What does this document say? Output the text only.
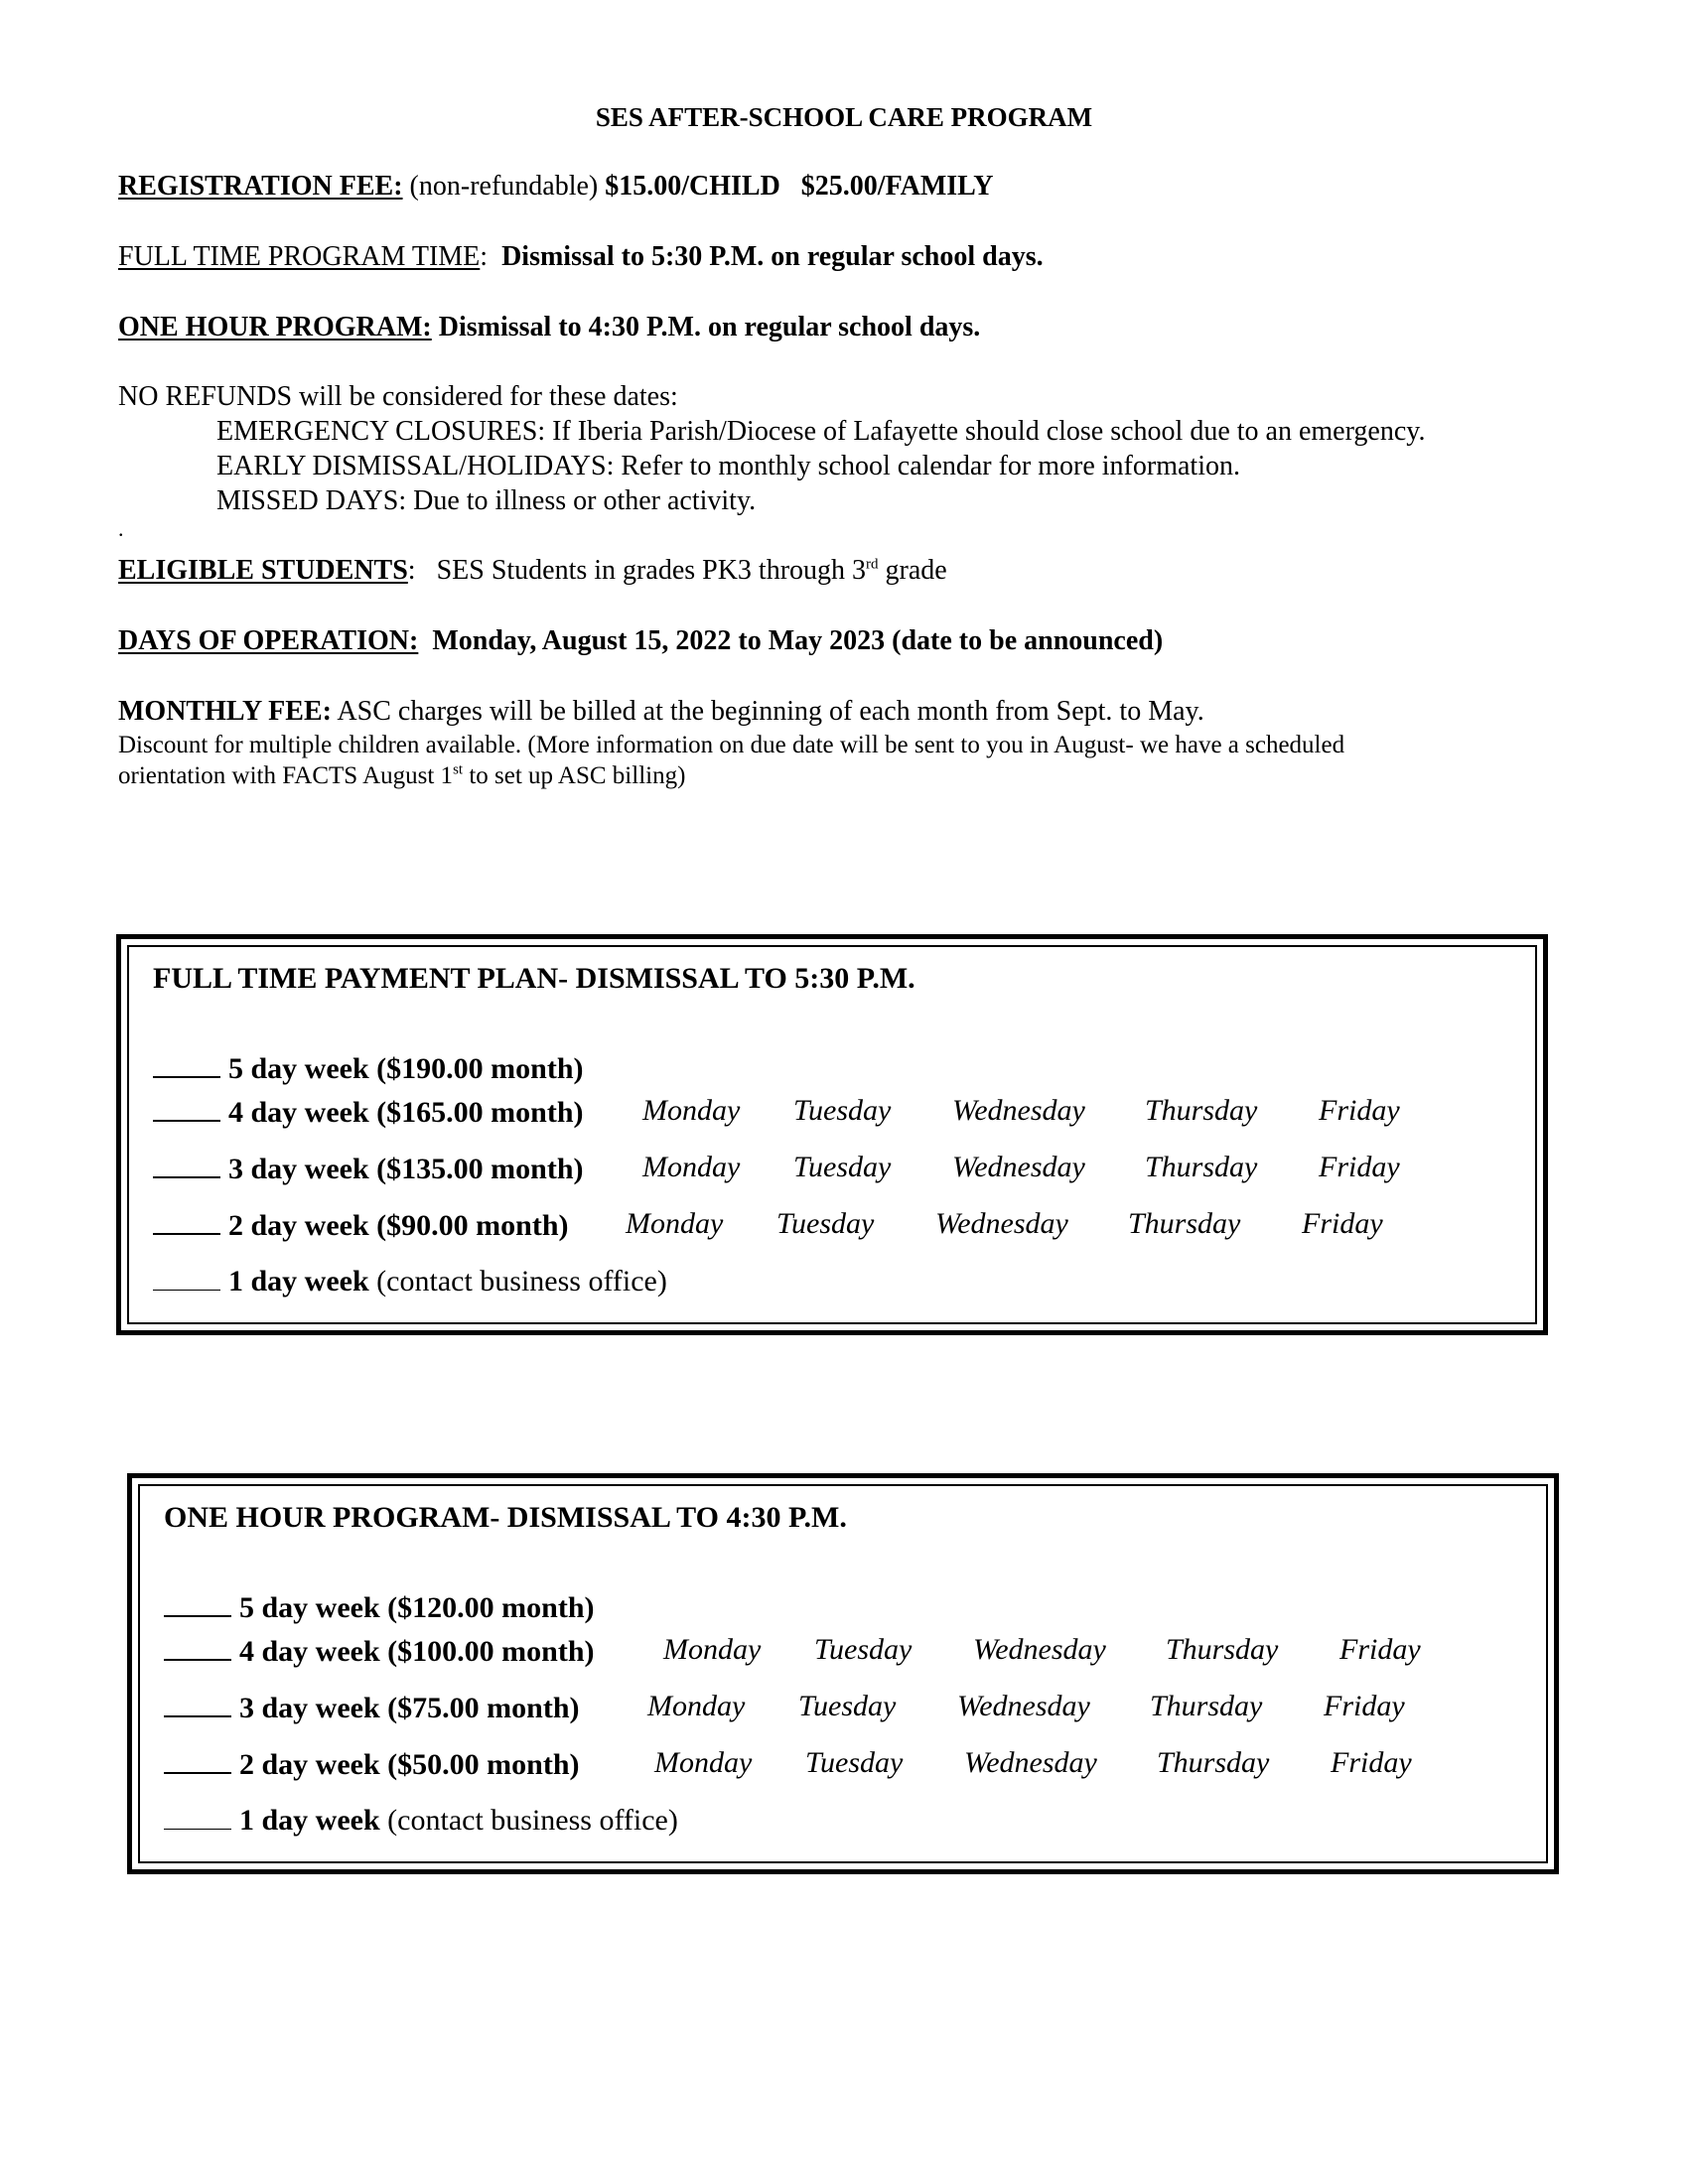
SES AFTER-SCHOOL CARE PROGRAM
REGISTRATION FEE: (non-refundable) $15.00/CHILD   $25.00/FAMILY
FULL TIME PROGRAM TIME: Dismissal to 5:30 P.M. on regular school days.
ONE HOUR PROGRAM: Dismissal to 4:30 P.M. on regular school days.
NO REFUNDS will be considered for these dates:
EMERGENCY CLOSURES: If Iberia Parish/Diocese of Lafayette should close school due to an emergency.
EARLY DISMISSAL/HOLIDAYS: Refer to monthly school calendar for more information.
MISSED DAYS: Due to illness or other activity.
.
ELIGIBLE STUDENTS: SES Students in grades PK3 through 3rd grade
DAYS OF OPERATION: Monday, August 15, 2022 to May 2023 (date to be announced)
MONTHLY FEE: ASC charges will be billed at the beginning of each month from Sept. to May.
Discount for multiple children available. (More information on due date will be sent to you in August- we have a scheduled
orientation with FACTS August 1st to set up ASC billing)
FULL TIME PAYMENT PLAN- DISMISSAL TO 5:30 P.M.
5 day week ($190.00 month)
4 day week ($165.00 month) Monday Tuesday Wednesday Thursday Friday
3 day week ($135.00 month) Monday Tuesday Wednesday Thursday Friday
2 day week ($90.00 month) Monday Tuesday Wednesday Thursday Friday
1 day week (contact business office)
ONE HOUR PROGRAM- DISMISSAL TO 4:30 P.M.
5 day week ($120.00 month)
4 day week ($100.00 month) Monday Tuesday Wednesday Thursday Friday
3 day week ($75.00 month) Monday Tuesday Wednesday Thursday Friday
2 day week ($50.00 month)	Monday Tuesday Wednesday Thursday Friday
1 day week (contact business office)
